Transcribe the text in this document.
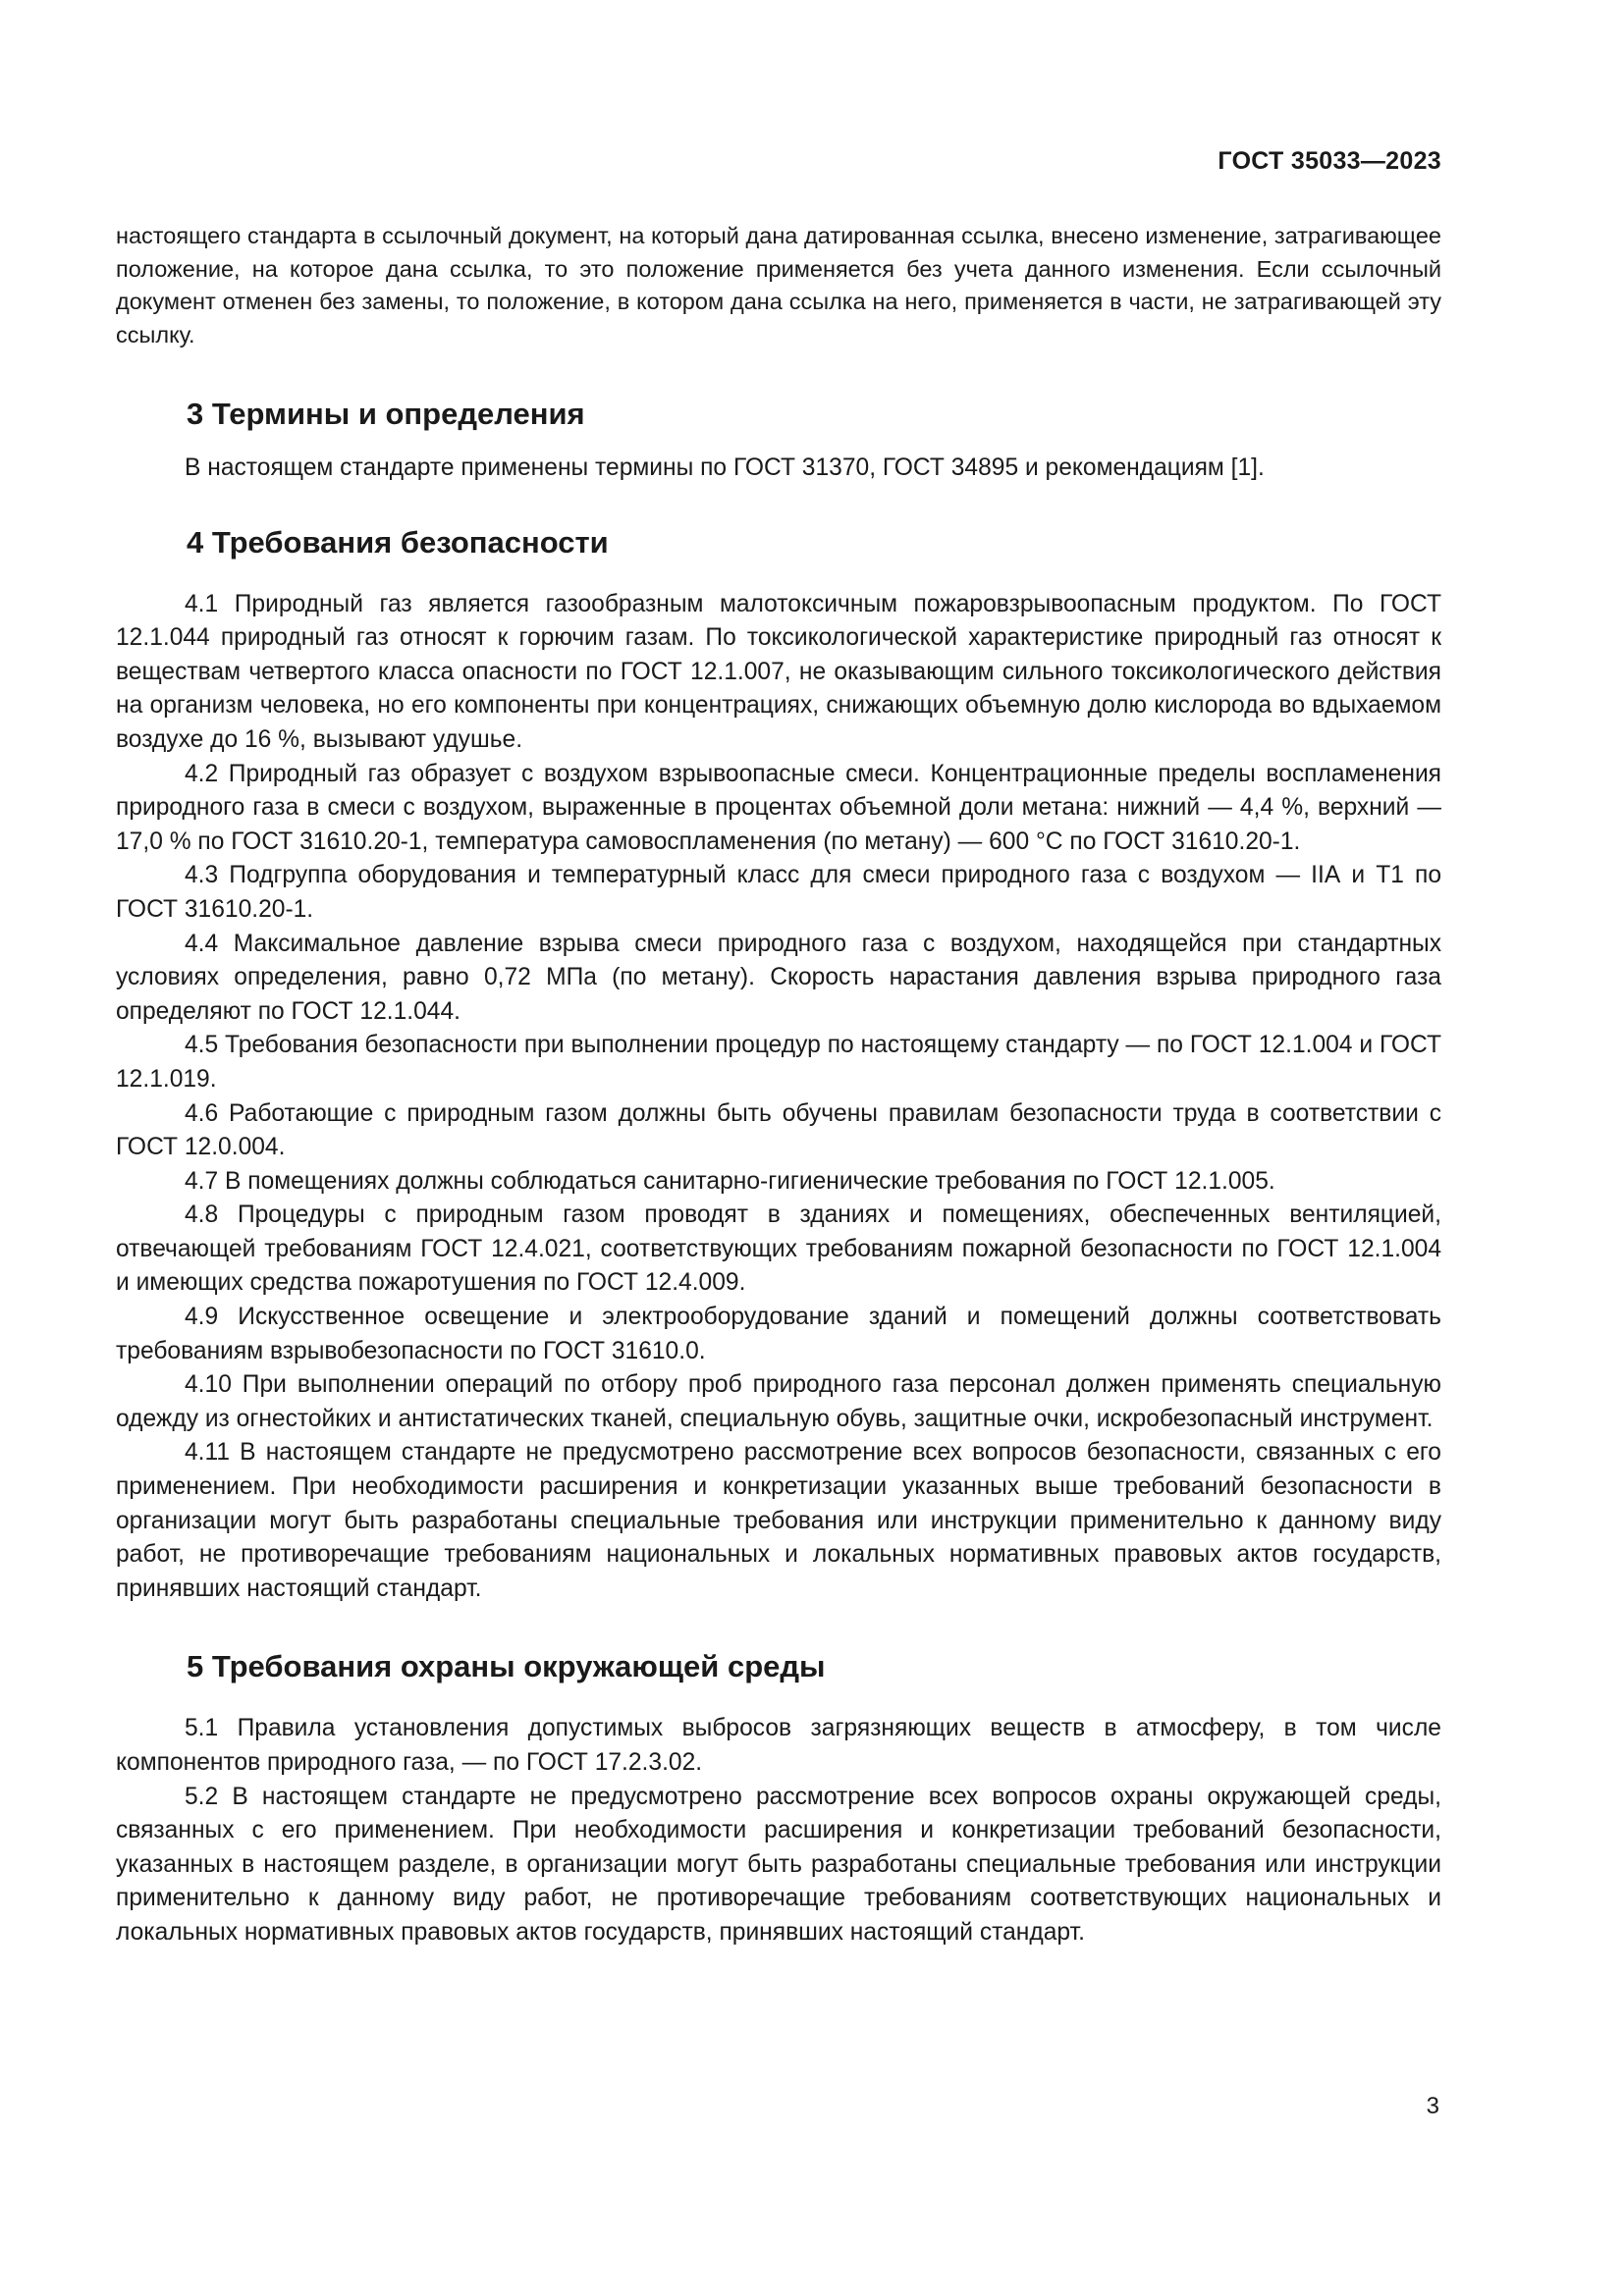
ГОСТ 35033—2023

настоящего стандарта в ссылочный документ, на который дана датированная ссылка, внесено изменение, затрагивающее положение, на которое дана ссылка, то это положение применяется без учета данного изменения. Если ссылочный документ отменен без замены, то положение, в котором дана ссылка на него, применяется в части, не затрагивающей эту ссылку.

3 Термины и определения

В настоящем стандарте применены термины по ГОСТ 31370, ГОСТ 34895 и рекомендациям [1].

4 Требования безопасности

4.1 Природный газ является газообразным малотоксичным пожаровзрывоопасным продуктом. По ГОСТ 12.1.044 природный газ относят к горючим газам. По токсикологической характеристике природный газ относят к веществам четвертого класса опасности по ГОСТ 12.1.007, не оказывающим сильного токсикологического действия на организм человека, но его компоненты при концентрациях, снижающих объемную долю кислорода во вдыхаемом воздухе до 16 %, вызывают удушье.

4.2 Природный газ образует с воздухом взрывоопасные смеси. Концентрационные пределы воспламенения природного газа в смеси с воздухом, выраженные в процентах объемной доли метана: нижний — 4,4 %, верхний — 17,0 % по ГОСТ 31610.20-1, температура самовоспламенения (по метану) — 600 °С по ГОСТ 31610.20-1.

4.3 Подгруппа оборудования и температурный класс для смеси природного газа с воздухом — IIА и Т1 по ГОСТ 31610.20-1.

4.4 Максимальное давление взрыва смеси природного газа с воздухом, находящейся при стандартных условиях определения, равно 0,72 МПа (по метану). Скорость нарастания давления взрыва природного газа определяют по ГОСТ 12.1.044.

4.5 Требования безопасности при выполнении процедур по настоящему стандарту — по ГОСТ 12.1.004 и ГОСТ 12.1.019.

4.6 Работающие с природным газом должны быть обучены правилам безопасности труда в соответствии с ГОСТ 12.0.004.

4.7 В помещениях должны соблюдаться санитарно-гигиенические требования по ГОСТ 12.1.005.

4.8 Процедуры с природным газом проводят в зданиях и помещениях, обеспеченных вентиляцией, отвечающей требованиям ГОСТ 12.4.021, соответствующих требованиям пожарной безопасности по ГОСТ 12.1.004 и имеющих средства пожаротушения по ГОСТ 12.4.009.

4.9 Искусственное освещение и электрооборудование зданий и помещений должны соответствовать требованиям взрывобезопасности по ГОСТ 31610.0.

4.10 При выполнении операций по отбору проб природного газа персонал должен применять специальную одежду из огнестойких и антистатических тканей, специальную обувь, защитные очки, искробезопасный инструмент.

4.11 В настоящем стандарте не предусмотрено рассмотрение всех вопросов безопасности, связанных с его применением. При необходимости расширения и конкретизации указанных выше требований безопасности в организации могут быть разработаны специальные требования или инструкции применительно к данному виду работ, не противоречащие требованиям национальных и локальных нормативных правовых актов государств, принявших настоящий стандарт.

5 Требования охраны окружающей среды

5.1 Правила установления допустимых выбросов загрязняющих веществ в атмосферу, в том числе компонентов природного газа, — по ГОСТ 17.2.3.02.

5.2 В настоящем стандарте не предусмотрено рассмотрение всех вопросов охраны окружающей среды, связанных с его применением. При необходимости расширения и конкретизации требований безопасности, указанных в настоящем разделе, в организации могут быть разработаны специальные требования или инструкции применительно к данному виду работ, не противоречащие требованиям соответствующих национальных и локальных нормативных правовых актов государств, принявших настоящий стандарт.

3
